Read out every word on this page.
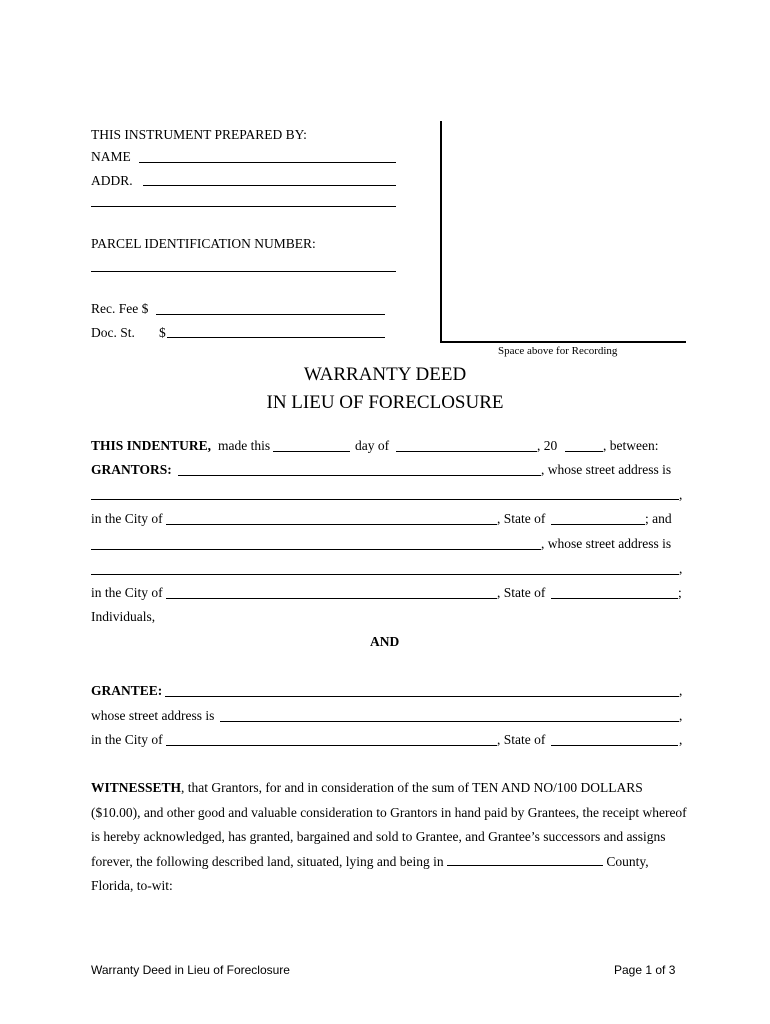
Space above for Recording
THIS INSTRUMENT PREPARED BY:
NAME
ADDR.
PARCEL IDENTIFICATION NUMBER:
Rec. Fee $
Doc. St. $
WARRANTY DEED
IN LIEU OF FORECLOSURE
THIS INDENTURE, made this	day of	, 20	, between:
GRANTORS:	, whose street address is
,
in the City of	, State of	; and
, whose street address is
,
in the City of	, State of	;
Individuals,
AND
GRANTEE:	,
whose street address is	,
in the City of	, State of	,
WITNESSETH, that Grantors, for and in consideration of the sum of TEN AND NO/100 DOLLARS ($10.00), and other good and valuable consideration to Grantors in hand paid by Grantees, the receipt whereof is hereby acknowledged, has granted, bargained and sold to Grantee, and Grantee’s successors and assigns forever, the following described land, situated, lying and being in	County, Florida, to-wit:
Warranty Deed in Lieu of Foreclosure	Page 1 of 3
